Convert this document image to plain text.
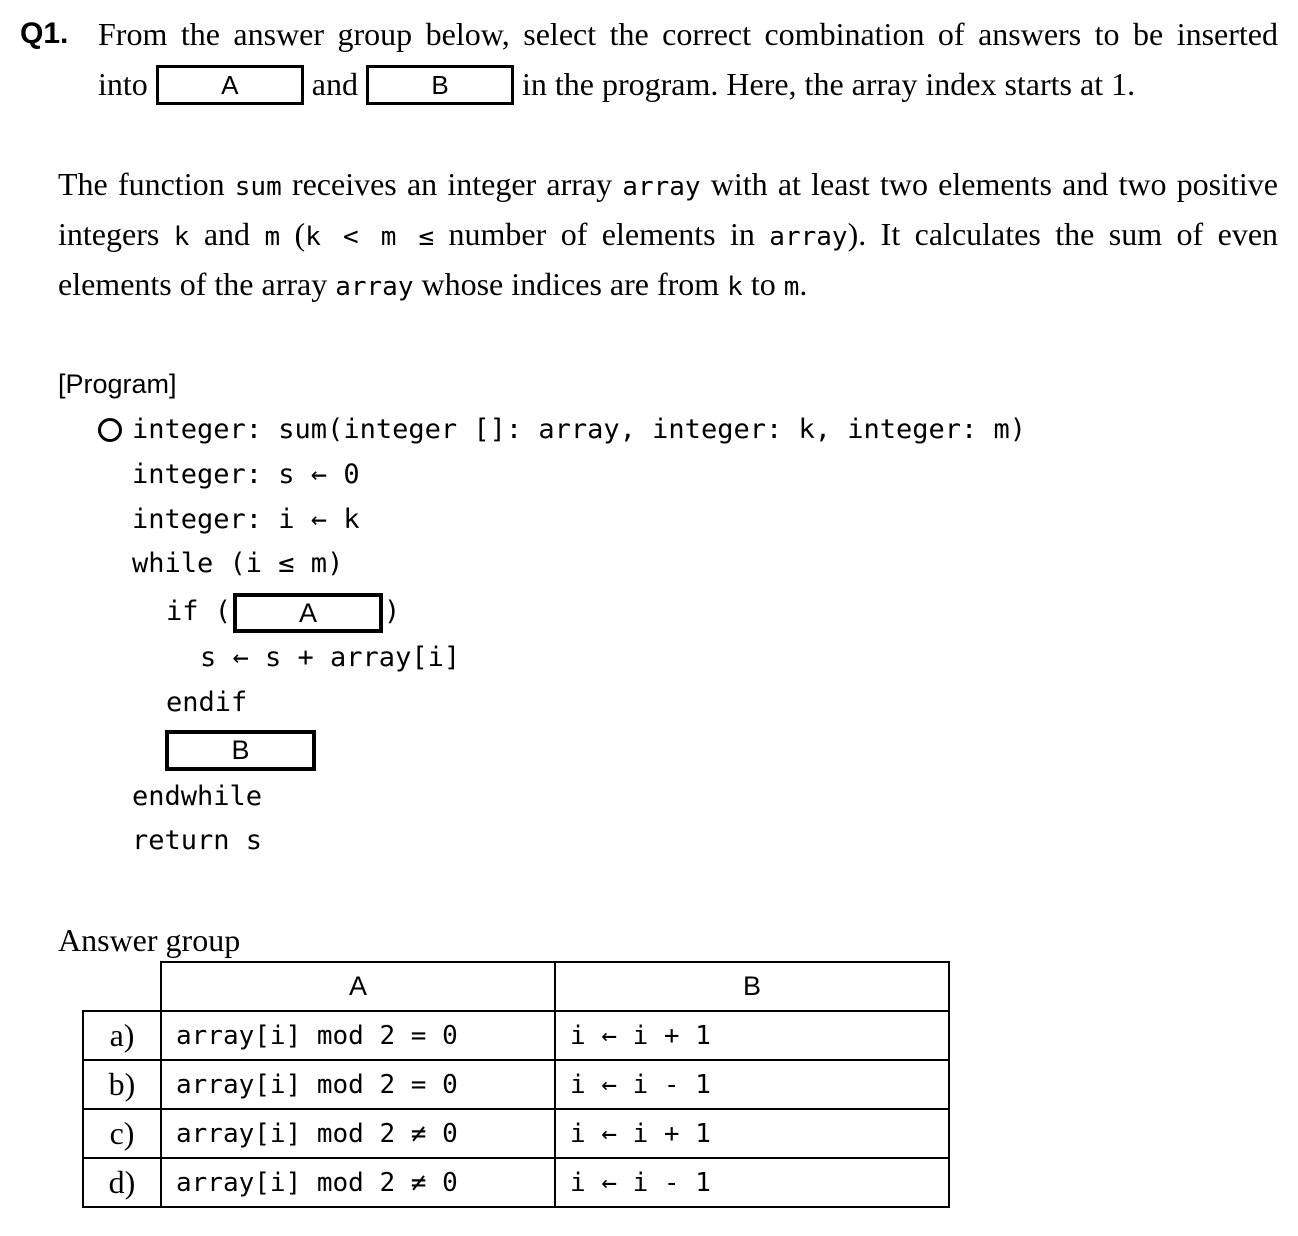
Q1. From the answer group below, select the correct combination of answers to be inserted
into	A and	B in the program. Here, the array index starts at 1.
The function sum receives an integer array array with at least two elements and two positive
integers k and m (k < m ≤ number of elements in array). It calculates the sum of even
elements of the array array whose indices are from k to m.
[Program]
integer: sum(integer []: array, integer: k, integer: m)
integer: s ← 0
integer: i ← k
while (i ≤ m)
if (	A	)
s ← s + array[i]
endif
B
endwhile
return s
Answer group
	A	B
a)	array[i] mod 2 = 0	i ← i + 1
b)	array[i] mod 2 = 0	i ← i - 1
c)	array[i] mod 2 ≠ 0	i ← i + 1
d)	array[i] mod 2 ≠ 0	i ← i - 1
